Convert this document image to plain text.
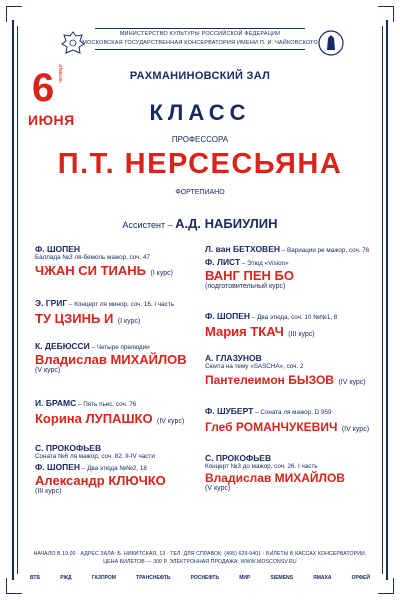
МИНИСТЕРСТВО КУЛЬТУРЫ РОССИЙСКОЙ ФЕДЕРАЦИИ
МОСКОВСКАЯ ГОСУДАРСТВЕННАЯ КОНСЕРВАТОРИЯ ИМЕНИ П. И. ЧАЙКОВСКОГО
6 четверг
ИЮНЯ
РАХМАНИНОВСКИЙ ЗАЛ
КЛАСС
ПРОФЕССОРА
П.Т. НЕРСЕСЬЯНА
ФОРТЕПИАНО
Ассистент – А.Д. НАБИУЛИН
Ф. ШОПЕН
Баллада №3 ля-бемоль мажор, соч. 47
ЧЖАН СИ ТИАНЬ (I курс)
Э. ГРИГ – Концерт ля минор, соч. 16. I часть
ТУ ЦЗИНЬ И (I курс)
К. ДЕБЮССИ – Четыре прелюдии
Владислав МИХАЙЛОВ
(V курс)
И. БРАМС – Пять пьес, соч. 76
Корина ЛУПАШКО (IV курс)
С. ПРОКОФЬЕВ
Соната №6 ля мажор, соч. 82. II-IV части
Ф. ШОПЕН – Два этюда №№2, 18
Александр КЛЮЧКО
(III курс)
Л. ван БЕТХОВЕН – Вариации ре мажор, соч. 76
Ф. ЛИСТ – Этюд «Vision»
ВАНГ ПЕН БО
(подготовительный курс)
Ф. ШОПЕН – Два этюда, соч. 10 №№1, 8
Мария ТКАЧ (III курс)
А. ГЛАЗУНОВ
Сюита на тему «SASCHA», соч. 2
Пантелеимон БЫЗОВ (IV курс)
Ф. ШУБЕРТ – Соната ля мажор, D 959
Глеб РОМАНЧУКЕВИЧ (IV курс)
С. ПРОКОФЬЕВ
Концерт №3 до мажор, соч. 26. I часть
Владислав МИХАЙЛОВ
(V курс)
НАЧАЛО В 19.00 · АДРЕС ЗАЛА: Б. НИКИТСКАЯ, 13 · ТЕЛ. ДЛЯ СПРАВОК: (495) 629-9401 · БИЛЕТЫ В КАССАХ КОНСЕРВАТОРИИ.
ЦЕНА БИЛЕТОВ — 300 Р. ЭЛЕКТРОННАЯ ПРОДАЖА: WWW.MOSCONSV.RU
ВТБ	РЖД	ГАЗПРОМ	ТРАНСНЕФТЬ	РОСНЕФТЬ	МИР	SIEMENS	ЯМАХА	ОРФЕЙ
